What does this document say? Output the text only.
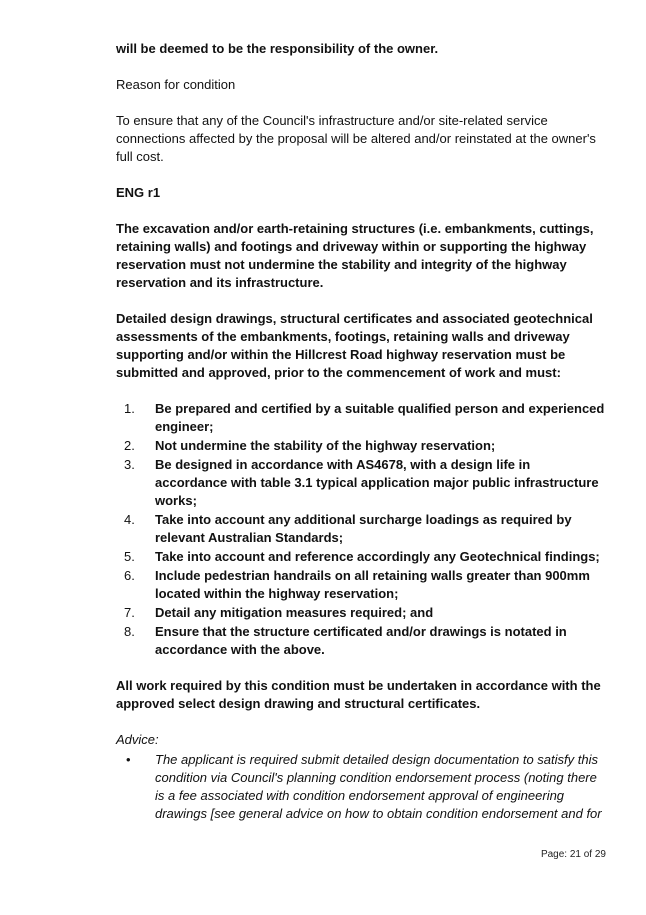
will be deemed to be the responsibility of the owner.

Reason for condition

To ensure that any of the Council's infrastructure and/or site-related service connections affected by the proposal will be altered and/or reinstated at the owner's full cost.

ENG r1

The excavation and/or earth-retaining structures (i.e. embankments, cuttings, retaining walls) and footings and driveway within or supporting the highway reservation must not undermine the stability and integrity of the highway reservation and its infrastructure.

Detailed design drawings, structural certificates and associated geotechnical assessments of the embankments, footings, retaining walls and driveway supporting and/or within the Hillcrest Road highway reservation must be submitted and approved, prior to the commencement of work and must:

1. Be prepared and certified by a suitable qualified person and experienced engineer;
2. Not undermine the stability of the highway reservation;
3. Be designed in accordance with AS4678, with a design life in accordance with table 3.1 typical application major public infrastructure works;
4. Take into account any additional surcharge loadings as required by relevant Australian Standards;
5. Take into account and reference accordingly any Geotechnical findings;
6. Include pedestrian handrails on all retaining walls greater than 900mm located within the highway reservation;
7. Detail any mitigation measures required; and
8. Ensure that the structure certificated and/or drawings is notated in accordance with the above.

All work required by this condition must be undertaken in accordance with the approved select design drawing and structural certificates.

Advice:

• The applicant is required submit detailed design documentation to satisfy this condition via Council's planning condition endorsement process (noting there is a fee associated with condition endorsement approval of engineering drawings [see general advice on how to obtain condition endorsement and for
Page: 21 of 29
